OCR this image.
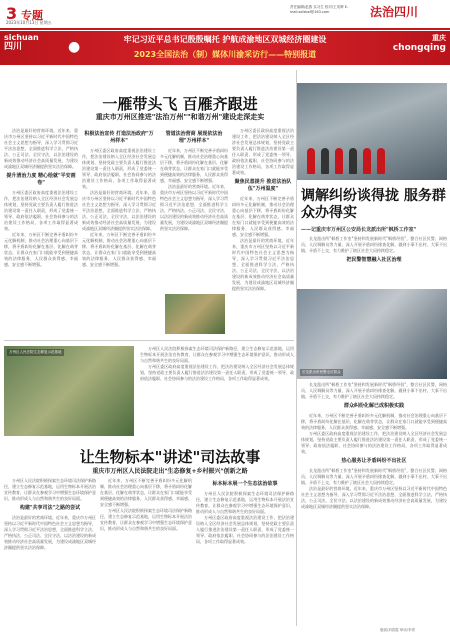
3 专题
2023年10月13日 星期五
责任编辑/赵燕 实习生 校对/王英辉 E-mail:ssfzbsf@163.com	法治四川
sichuan
四川	●	牢记习近平总书记殷殷嘱托 护航成渝地区双城经济圈建设
2023全国法治（制）媒体川渝采访行——特别报道
重庆
chongqing
一雁带头飞 百雁齐跟进
重庆市万州区推进"法治万州""和谐万州"建设走深走实

法治是最好的营商环境。近年来，重庆市万州区坚持以习近平新时代中国特色社会主义思想为指导，深入学习贯彻习近平法治思想，全面推进科学立法、严格执法、公正司法、全民守法，以法治建设的新成效推动经济社会高质量发展，为建设成渝地区双城经济圈提供坚实法治保障。

提升清治力度 精心绘就"平安画卷"

万州区委区政府高度重视法治建设工作，把法治建设纳入全区经济社会发展总体规划，坚持党政主要负责人履行推进法治建设第一责任人职责，形成了党委统一领导、政府依法履职、社会协同参与的法治建设工作格局，各项工作取得显著成效。

近年来，万州区不断完善矛盾纠纷多元化解机制，推动社会治理重心向基层下移，将矛盾纠纷化解在基层、化解在萌芽状态，让群众在家门口就能享受到便捷高效的法律服务，人民群众获得感、幸福感、安全感不断增强。

积极法治宣传 打造法治政府"万州样本"

万州区委区政府高度重视法治建设工作，把法治建设纳入全区经济社会发展总体规划，坚持党政主要负责人履行推进法治建设第一责任人职责，形成了党委统一领导、政府依法履职、社会协同参与的法治建设工作格局，各项工作取得显著成效。

法治是最好的营商环境。近年来，重庆市万州区坚持以习近平新时代中国特色社会主义思想为指导，深入学习贯彻习近平法治思想，全面推进科学立法、严格执法、公正司法、全民守法，以法治建设的新成效推动经济社会高质量发展，为建设成渝地区双城经济圈提供坚实法治保障。

近年来，万州区不断完善矛盾纠纷多元化解机制，推动社会治理重心向基层下移，将矛盾纠纷化解在基层、化解在萌芽状态，让群众在家门口就能享受到便捷高效的法律服务，人民群众获得感、幸福感、安全感不断增强。

管道法治营商 展现依法治理"万州样本"

近年来，万州区不断完善矛盾纠纷多元化解机制，推动社会治理重心向基层下移，将矛盾纠纷化解在基层、化解在萌芽状态，让群众在家门口就能享受到便捷高效的法律服务，人民群众获得感、幸福感、安全感不断增强。

法治是最好的营商环境。近年来，重庆市万州区坚持以习近平新时代中国特色社会主义思想为指导，深入学习贯彻习近平法治思想，全面推进科学立法、严格执法、公正司法、全民守法，以法治建设的新成效推动经济社会高质量发展，为建设成渝地区双城经济圈提供坚实法治保障。

万州区委区政府高度重视法治建设工作，把法治建设纳入全区经济社会发展总体规划，坚持党政主要负责人履行推进法治建设第一责任人职责，形成了党委统一领导、政府依法履职、社会协同参与的法治建设工作格局，各项工作取得显著成效。

聚焦民意提升 推进法治队伍"万州温度"

近年来，万州区不断完善矛盾纠纷多元化解机制，推动社会治理重心向基层下移，将矛盾纠纷化解在基层、化解在萌芽状态，让群众在家门口就能享受到便捷高效的法律服务，人民群众获得感、幸福感、安全感不断增强。

法治是最好的营商环境。近年来，重庆市万州区坚持以习近平新时代中国特色社会主义思想为指导，深入学习贯彻习近平法治思想，全面推进科学立法、严格执法、公正司法、全民守法，以法治建设的新成效推动经济社会高质量发展，为建设成渝地区双城经济圈提供坚实法治保障。

调解纠纷谈得拢 服务群众办得实
——记重庆市万州区公安局长龙派出所"枫桥工作室"

长龙派出所"枫桥工作室"坚持和发展新时代"枫桥经验"，整合社区民警、网格员、人民调解员等力量，深入开展矛盾纠纷排查化解，做到小事不出村、大事不出镇、矛盾不上交，有力维护了辖区社会大局持续稳定。

把民警智慧融入社区治理

长龙派出所民警走访群众

长龙派出所"枫桥工作室"坚持和发展新时代"枫桥经验"，整合社区民警、网格员、人民调解员等力量，深入开展矛盾纠纷排查化解，做到小事不出村、大事不出镇、矛盾不上交，有力维护了辖区社会大局持续稳定。

群众纠纷化解已成积极实践

近年来，万州区不断完善矛盾纠纷多元化解机制，推动社会治理重心向基层下移，将矛盾纠纷化解在基层、化解在萌芽状态，让群众在家门口就能享受到便捷高效的法律服务，人民群众获得感、幸福感、安全感不断增强。

万州区委区政府高度重视法治建设工作，把法治建设纳入全区经济社会发展总体规划，坚持党政主要负责人履行推进法治建设第一责任人职责，形成了党委统一领导、政府依法履职、社会协同参与的法治建设工作格局，各项工作取得显著成效。

热心服务让矛盾纠纷不出社区

长龙派出所"枫桥工作室"坚持和发展新时代"枫桥经验"，整合社区民警、网格员、人民调解员等力量，深入开展矛盾纠纷排查化解，做到小事不出村、大事不出镇、矛盾不上交，有力维护了辖区社会大局持续稳定。

法治是最好的营商环境。近年来，重庆市万州区坚持以习近平新时代中国特色社会主义思想为指导，深入学习贯彻习近平法治思想，全面推进科学立法、严格执法、公正司法、全民守法，以法治建设的新成效推动经济社会高质量发展，为建设成渝地区双城经济圈提供坚实法治保障。

万州区人民法院生态修复示范基地

万州区人民法院积极探索生态环境司法保护新路径，建立生态修复示范基地，运用生物标本开展法治宣传教育，让群众在参观学习中增强生态环境保护意识，推动形成人与自然和谐共生的良好局面。

万州区委区政府高度重视法治建设工作，把法治建设纳入全区经济社会发展总体规划，坚持党政主要负责人履行推进法治建设第一责任人职责，形成了党委统一领导、政府依法履职、社会协同参与的法治建设工作格局，各项工作取得显著成效。

让生物标本"讲述"司法故事
重庆市万州区人民法院走出"生态修复+乡村振兴"创新之路

万州区人民法院积极探索生态环境司法保护新路径，建立生态修复示范基地，运用生物标本开展法治宣传教育，让群众在参观学习中增强生态环境保护意识，推动形成人与自然和谐共生的良好局面。

构建"共享司法"之路的尝试

法治是最好的营商环境。近年来，重庆市万州区坚持以习近平新时代中国特色社会主义思想为指导，深入学习贯彻习近平法治思想，全面推进科学立法、严格执法、公正司法、全民守法，以法治建设的新成效推动经济社会高质量发展，为建设成渝地区双城经济圈提供坚实法治保障。

近年来，万州区不断完善矛盾纠纷多元化解机制，推动社会治理重心向基层下移，将矛盾纠纷化解在基层、化解在萌芽状态，让群众在家门口就能享受到便捷高效的法律服务，人民群众获得感、幸福感、安全感不断增强。

万州区人民法院积极探索生态环境司法保护新路径，建立生态修复示范基地，运用生物标本开展法治宣传教育，让群众在参观学习中增强生态环境保护意识，推动形成人与自然和谐共生的良好局面。

标本标本展一个生态法治故事

万州区人民法院积极探索生态环境司法保护新路径，建立生态修复示范基地，运用生物标本开展法治宣传教育，让群众在参观学习中增强生态环境保护意识，推动形成人与自然和谐共生的良好局面。

万州区委区政府高度重视法治建设工作，把法治建设纳入全区经济社会发展总体规划，坚持党政主要负责人履行推进法治建设第一责任人职责，形成了党委统一领导、政府依法履职、社会协同参与的法治建设工作格局，各项工作取得显著成效。

版面/刘春霞 审读/李青
